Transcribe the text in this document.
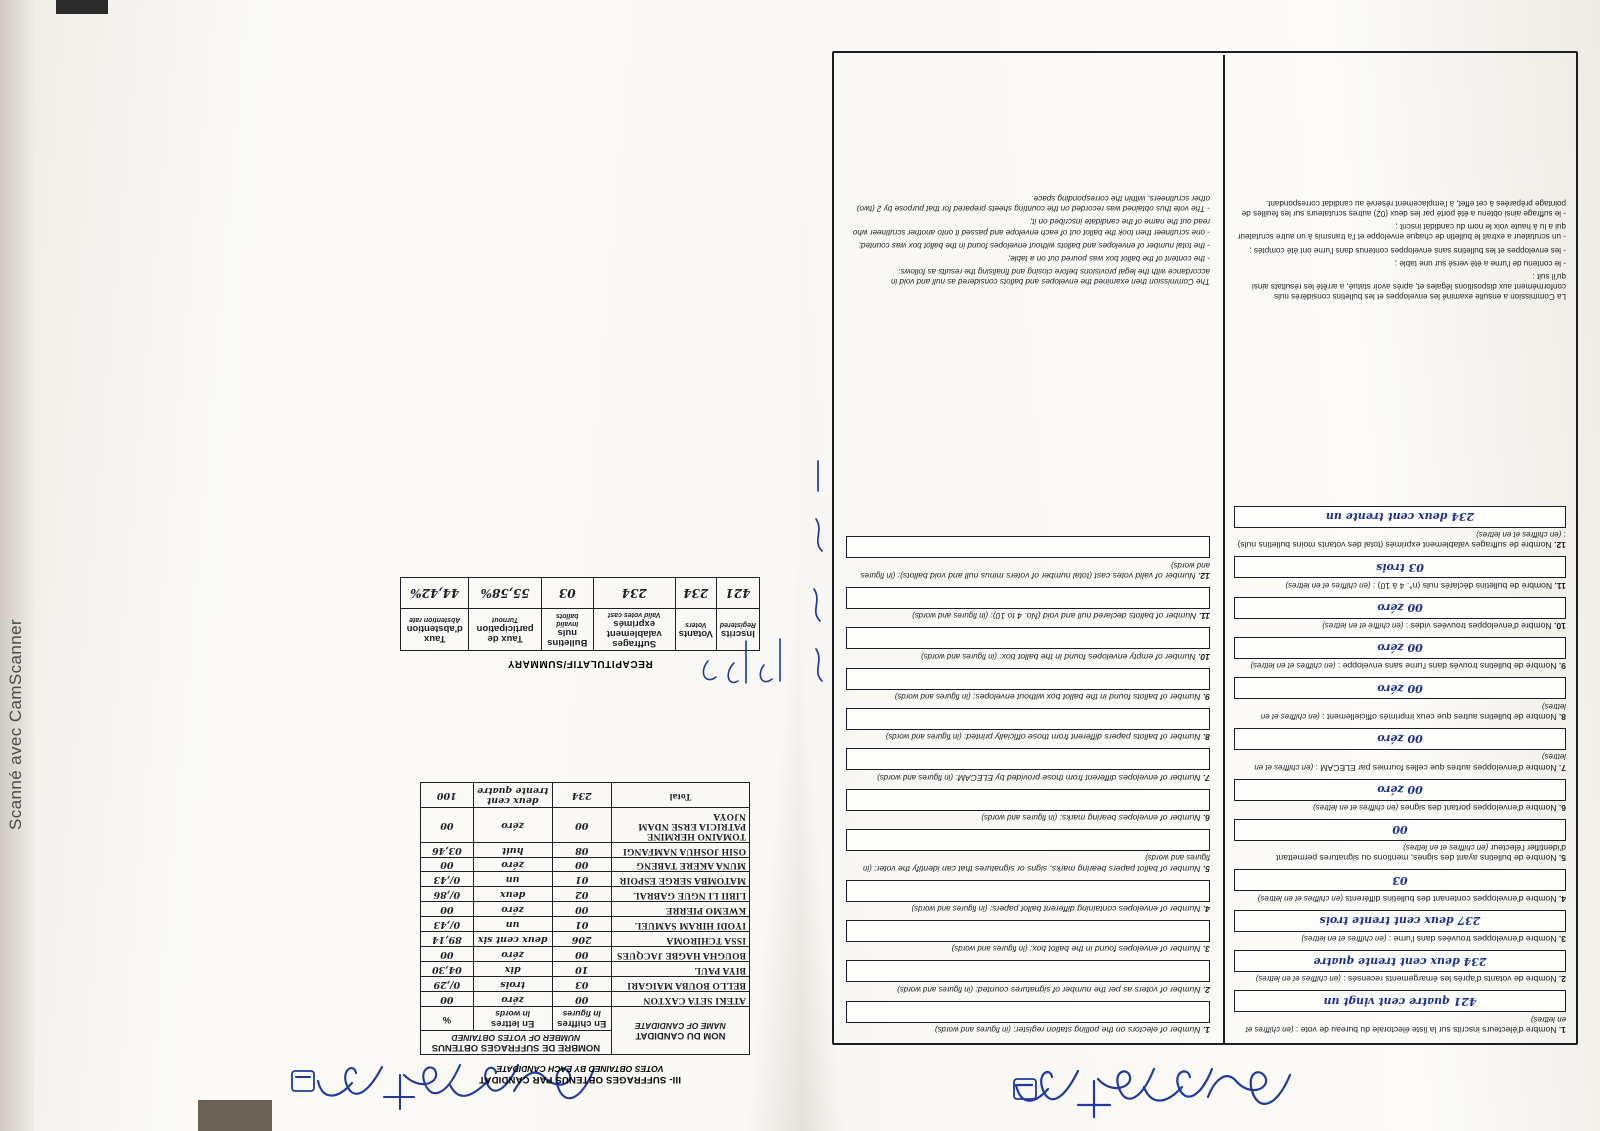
III- SUFFRAGES OBTENUS PAR CANDIDAT
VOTES OBTAINED BY EACH CANDIDATE
NOM DU CANDIDAT
NAME OF CANDIDATE

NOMBRE DE SUFFRAGES OBTENUS
NUMBER OF VOTES OBTAINED

En chiffres
In figures

En lettres
In words

%

ATEKI SETA CAXTON	00	zéro	00
BELLO BOUBA MAIGARI	03	trois	0/,29
BIYA PAUL	10	dix	04,30
BOUGHA HAGBE JACQUES	00	zéro	00
ISSA TCHIROMA	206	deux cent six	89,14
IYODI HIRAM SAMUEL	01	un	0/,43
KWEMO PIERRE	00	zéro	00
LIBII LI NGUE GABRAL	02	deux	0/,86
MATOMBA SERGE ESPOIR	01	un	0/,43
MUNA AKERE TABENG	00	zéro	00
OSIH JOSHUA NAMFANGI	08	huit	03,46
TOMAINO HERMINE PATRICIA ERSE NDAM NJOYA	00	zéro	00
Total	234	deux cent trente quatre	100
RECAPITULATIF/SUMMARY
Inscrits
Registered

Votants
Voters

Suffrages valablement exprimés
Valid votes cast

Bulletins nuls
Invalid ballots

Taux de participation
Turnout

Taux d'abstention
Abstention rate

421	234	234	03	55,58%	44,42%
1. Nombre d'électeurs inscrits sur la liste électorale du bureau de vote : (en chiffres et en lettres)
421 quatre cent vingt un
2. Nombre de votants d'après les émargements recensés : (en chiffres et en lettres)
234 deux cent trente quatre
3. Nombre d'enveloppes trouvées dans l'urne : (en chiffres et en lettres)
237 deux cent trente trois
4. Nombre d'enveloppes contenant des bulletins différents (en chiffres et en lettres)
03
5. Nombre de bulletins ayant des signes, mentions ou signatures permettant d'identifier l'électeur (en chiffres et en lettres)
00
6. Nombre d'enveloppes portant des signes (en chiffres et en lettres)
00 zéro
7. Nombre d'enveloppes autres que celles fournies par ELECAM : (en chiffres et en lettres)
00 zéro
8. Nombre de bulletins autres que ceux imprimés officiellement : (en chiffres et en lettres)
00 zéro
9. Nombre de bulletins trouvés dans l'urne sans enveloppe : (en chiffres et en lettres)
00 zéro
10. Nombre d'enveloppes trouvées vides : (en chiffre et en lettres)
00 zéro
11. Nombre de bulletins déclarés nuls (n°. 4 à 10) : (en chiffres et en lettres)
03 trois
12. Nombre de suffrages valablement exprimés (total des votants moins bulletins nuls) : (en chiffres et en lettres)
234 deux cent trente un
1. Number of electors on the polling station register: (in figures and words)
2. Number of voters as per the number of signatures counted: (in figures and words)
3. Number of envelopes found in the ballot box: (in figures and words)
4. Number of envelopes containing different ballot papers: (in figures and words)
5. Number of ballot papers bearing marks, signs or signatures that can identify the voter: (in figures and words)
6. Number of envelopes bearing marks: (in figures and words)
7. Number of envelopes different from those provided by ELECAM: (in figures and words)
8. Number of ballots papers different from those officially printed: (in figures and words)
9. Number of ballots found in the ballot box without envelopes: (in figures and words)
10. Number of empty envelopes found in the ballot box: (in figures and words)
11. Number of ballots declared null and void (No. 4 to 10): (in figures and words)
12. Number of valid votes cast (total number of voters minus null and void ballots): (in figures and words)

La Commission a ensuite examiné les enveloppes et les bulletins considérés nuls conformément aux dispositions légales et, après avoir statué, a arrêté les résultats ainsi qu'il suit :

- le contenu de l'urne a été versé sur une table ;

- les enveloppes et les bulletins sans enveloppes contenus dans l'urne ont été comptés ;

- un scrutateur a extrait le bulletin de chaque enveloppe et l'a transmis à un autre scrutateur qui a lu à haute voix le nom du candidat inscrit ;

- le suffrage ainsi obtenu a été porté par les deux (02) autres scrutateurs sur les feuilles de pointage préparées à cet effet, à l'emplacement réservé au candidat correspondant.

The Commission then examined the envelopes and ballots considered as null and void in accordance with the legal provisions before closing and finalising the results as follows:

- the content of the ballot box was poured out on a table;

- the total number of envelopes and ballots without envelopes found in the ballot box was counted;

- one scrutineer then took the ballot out of each envelope and passed it onto another scrutineer who read out the name of the candidate inscribed on it;

- The vote thus obtained was recorded on the counting sheets prepared for that purpose by 2 (two) other scrutineers, within the corresponding space.

Scanné avec CamScanner
